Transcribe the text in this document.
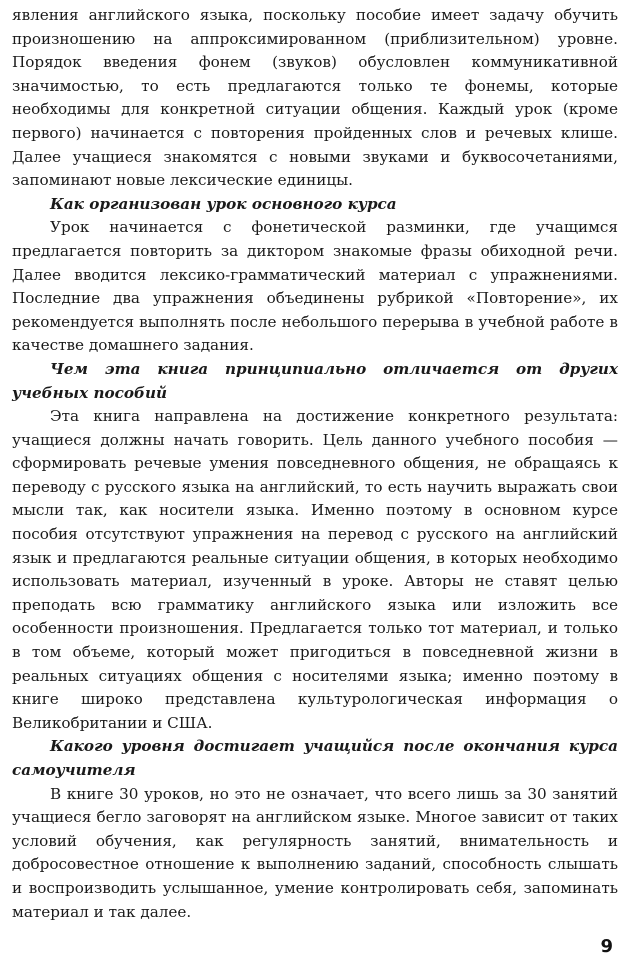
явления английского языка, поскольку пособие имеет задачу обучить произношению на аппроксимированном (приблизительном) уровне. Порядок введения фонем (звуков) обусловлен коммуникативной значимостью, то есть предлагаются только те фонемы, которые необходимы для конкретной ситуации общения. Каждый урок (кроме первого) начинается с повторения пройденных слов и речевых клише. Далее учащиеся знакомятся с новыми звуками и буквосочетаниями, запоминают новые лексические единицы.

Как организован урок основного курса

Урок начинается с фонетической разминки, где учащимся предлагается повторить за диктором знакомые фразы обиходной речи. Далее вводится лексико-грамматический материал с упражнениями. Последние два упражнения объединены рубрикой «Повторение», их рекомендуется выполнять после небольшого перерыва в учебной работе в качестве домашнего задания.

Чем эта книга принципиально отличается от других учебных пособий

Эта книга направлена на достижение конкретного результата: учащиеся должны начать говорить. Цель данного учебного пособия — сформировать речевые умения повседневного общения, не обращаясь к переводу с русского языка на английский, то есть научить выражать свои мысли так, как носители языка. Именно поэтому в основном курсе пособия отсутствуют упражнения на перевод с русского на английский язык и предлагаются реальные ситуации общения, в которых необходимо использовать материал, изученный в уроке. Авторы не ставят целью преподать всю грамматику английского языка или изложить все особенности произношения. Предлагается только тот материал, и только в том объеме, который может пригодиться в повседневной жизни в реальных ситуациях общения с носителями языка; именно поэтому в книге широко представлена культурологическая информация о Великобритании и США.

Какого уровня достигает учащийся после окончания курса самоучителя

В книге 30 уроков, но это не означает, что всего лишь за 30 занятий учащиеся бегло заговорят на английском языке. Многое зависит от таких условий обучения, как регулярность занятий, внимательность и добросовестное отношение к выполнению заданий, способность слышать и воспроизводить услышанное, умение контролировать себя, запоминать материал и так далее.

9
